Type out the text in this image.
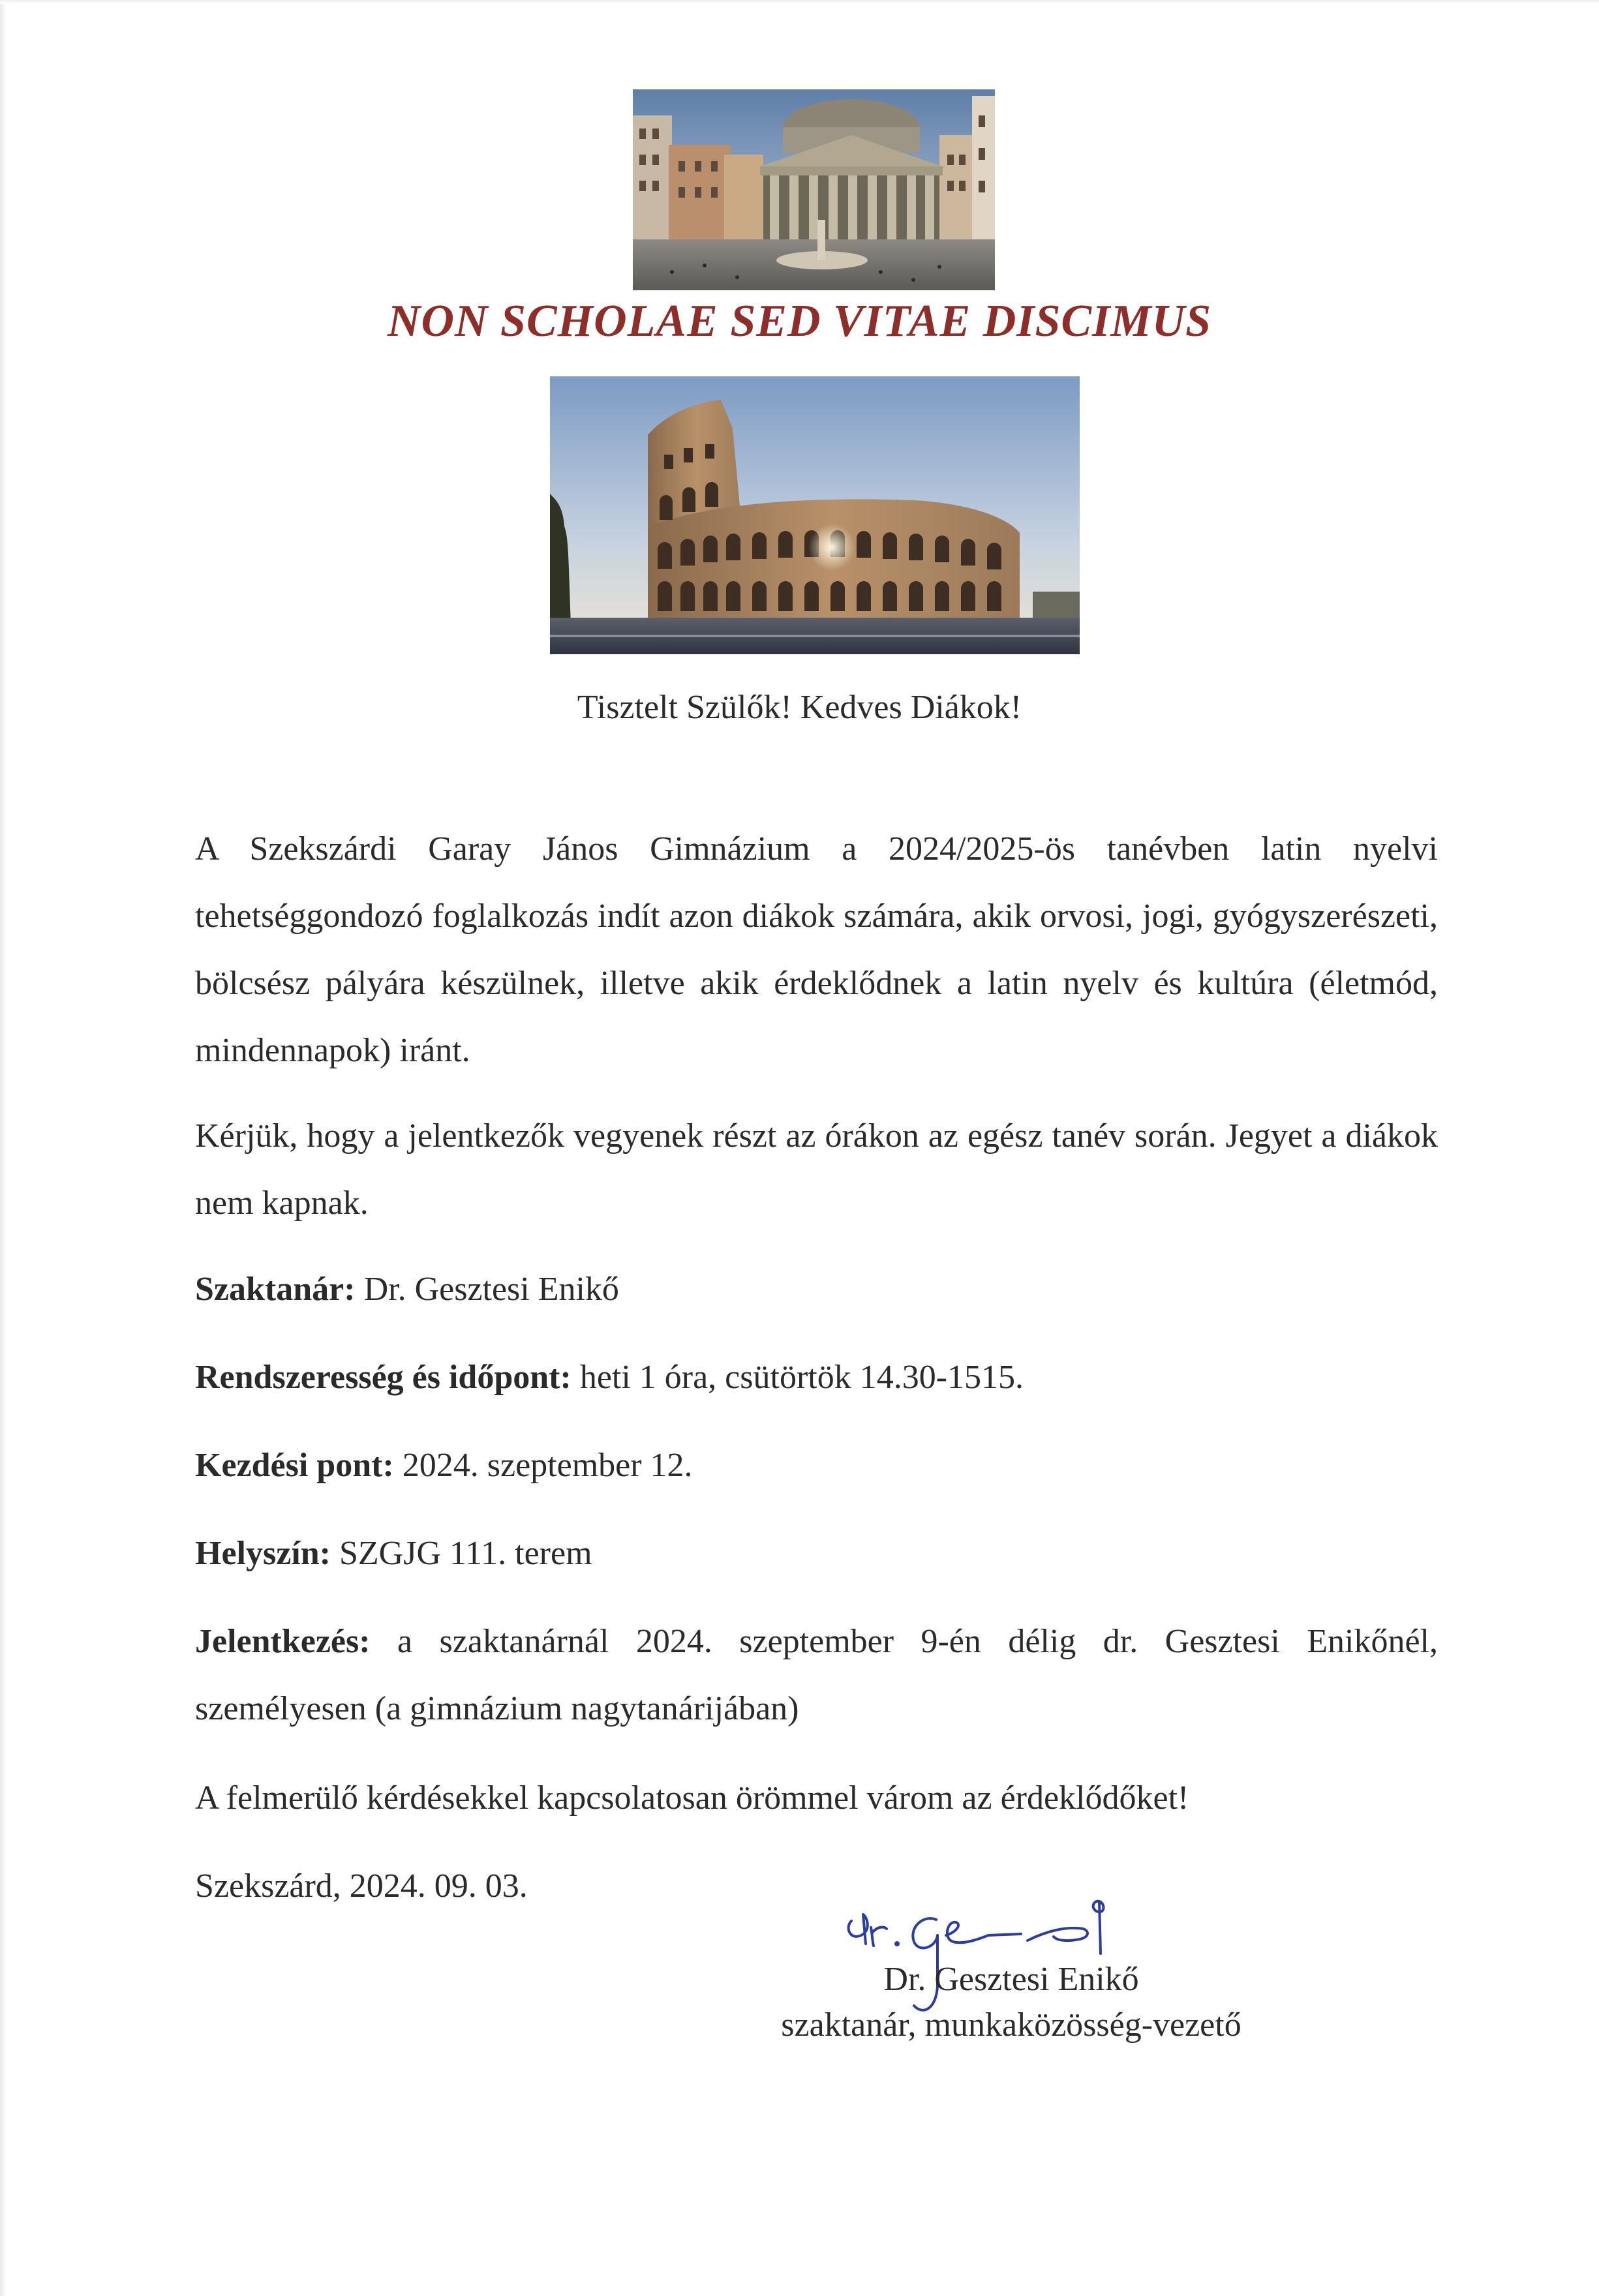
NON SCHOLAE SED VITAE DISCIMUS
Tisztelt Szülők! Kedves Diákok!

A Szekszárdi Garay János Gimnázium a 2024/2025-ös tanévben latin nyelvi tehetséggondozó foglalkozás indít azon diákok számára, akik orvosi, jogi, gyógyszerészeti, bölcsész pályára készülnek, illetve akik érdeklődnek a latin nyelv és kultúra (életmód, mindennapok) iránt.

Kérjük, hogy a jelentkezők vegyenek részt az órákon az egész tanév során. Jegyet a diákok nem kapnak.

Szaktanár: Dr. Gesztesi Enikő

Rendszeresség és időpont: heti 1 óra, csütörtök 14.30-1515.

Kezdési pont: 2024. szeptember 12.

Helyszín: SZGJG 111. terem

Jelentkezés: a szaktanárnál 2024. szeptember 9-én délig dr. Gesztesi Enikőnél, személyesen (a gimnázium nagytanárijában)

A felmerülő kérdésekkel kapcsolatosan örömmel várom az érdeklődőket!

Szekszárd, 2024. 09. 03.

Dr. Gesztesi Enikő
szaktanár, munkaközösség-vezető
